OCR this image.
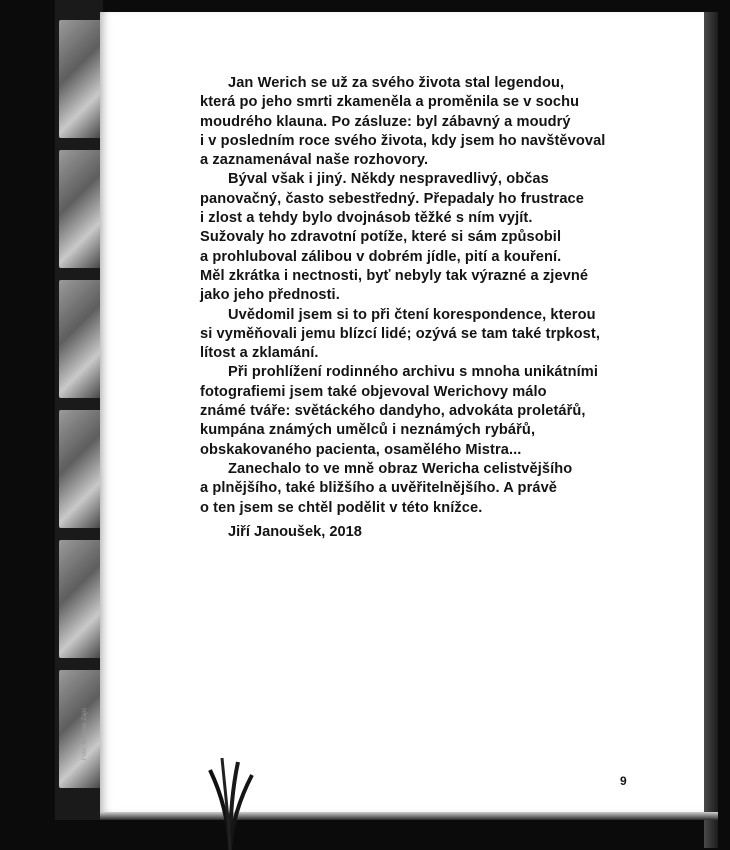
Foto: Miroslav Zajíc

Jan Werich se už za svého života stal legendou,
která po jeho smrti zkameněla a proměnila se v sochu
moudrého klauna. Po zásluze: byl zábavný a moudrý
i v posledním roce svého života, kdy jsem ho navštěvoval
a zaznamenával naše rozhovory.

Býval však i jiný. Někdy nespravedlivý, občas
panovačný, často sebestředný. Přepadaly ho frustrace
i zlost a tehdy bylo dvojnásob těžké s ním vyjít.
Sužovaly ho zdravotní potíže, které si sám způsobil
a prohluboval zálibou v dobrém jídle, pití a kouření.
Měl zkrátka i nectnosti, byť nebyly tak výrazné a zjevné
jako jeho přednosti.

Uvědomil jsem si to při čtení korespondence, kterou
si vyměňovali jemu blízcí lidé; ozývá se tam také trpkost,
lítost a zklamání.

Při prohlížení rodinného archivu s mnoha unikátními
fotografiemi jsem také objevoval Werichovy málo
známé tváře: světáckého dandyho, advokáta proletářů,
kumpána známých umělců i neznámých rybářů,
obskakovaného pacienta, osamělého Mistra...

Zanechalo to ve mně obraz Wericha celistvějšího
a plnějšího, také bližšího a uvěřitelnějšího. A právě
o ten jsem se chtěl podělit v této knížce.

Jiří Janoušek, 2018
9
